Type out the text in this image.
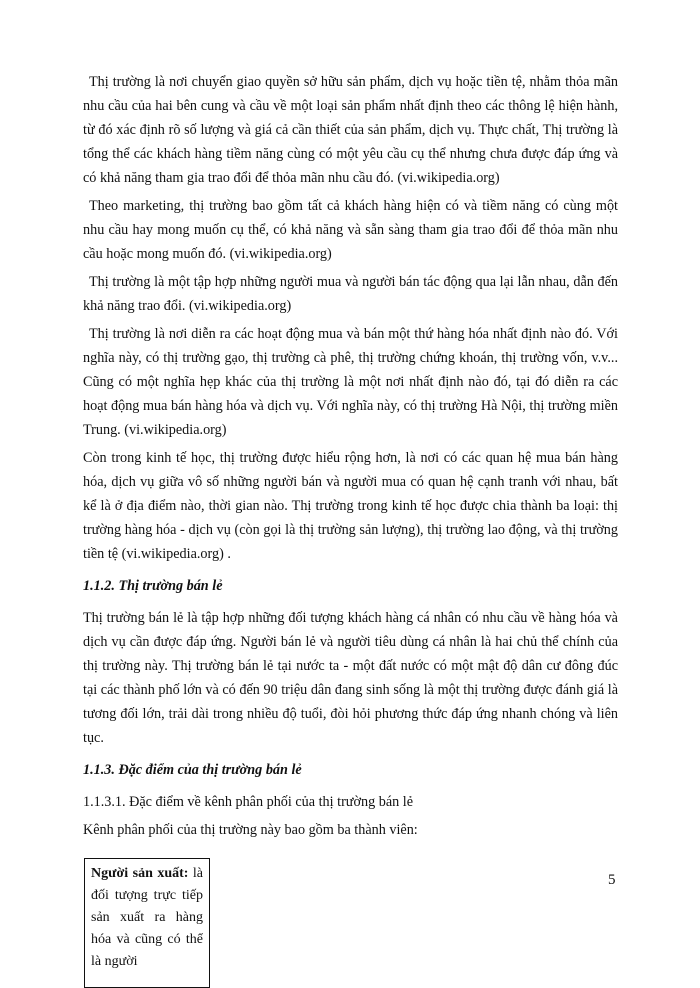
Thị trường là nơi chuyển giao quyền sở hữu sản phẩm, dịch vụ hoặc tiền tệ, nhằm thỏa mãn nhu cầu của hai bên cung và cầu về một loại sản phẩm nhất định theo các thông lệ hiện hành, từ đó xác định rõ số lượng và giá cả cần thiết của sản phẩm, dịch vụ. Thực chất, Thị trường là tổng thể các khách hàng tiềm năng cùng có một yêu cầu cụ thể nhưng chưa được đáp ứng và có khả năng tham gia trao đổi để thỏa mãn nhu cầu đó. (vi.wikipedia.org)

Theo marketing, thị trường bao gồm tất cả khách hàng hiện có và tiềm năng có cùng một nhu cầu hay mong muốn cụ thể, có khả năng và sẵn sàng tham gia trao đổi để thỏa mãn nhu cầu hoặc mong muốn đó. (vi.wikipedia.org)

Thị trường là một tập hợp những người mua và người bán tác động qua lại lẫn nhau, dẫn đến khả năng trao đổi. (vi.wikipedia.org)

Thị trường là nơi diễn ra các hoạt động mua và bán một thứ hàng hóa nhất định nào đó. Với nghĩa này, có thị trường gạo, thị trường cà phê, thị trường chứng khoán, thị trường vốn, v.v... Cũng có một nghĩa hẹp khác của thị trường là một nơi nhất định nào đó, tại đó diễn ra các hoạt động mua bán hàng hóa và dịch vụ. Với nghĩa này, có thị trường Hà Nội, thị trường miền Trung. (vi.wikipedia.org)

Còn trong kinh tế học, thị trường được hiểu rộng hơn, là nơi có các quan hệ mua bán hàng hóa, dịch vụ giữa vô số những người bán và người mua có quan hệ cạnh tranh với nhau, bất kể là ở địa điểm nào, thời gian nào. Thị trường trong kinh tế học được chia thành ba loại: thị trường hàng hóa - dịch vụ (còn gọi là thị trường sản lượng), thị trường lao động, và thị trường tiền tệ (vi.wikipedia.org) .

1.1.2. Thị trường bán lẻ

Thị trường bán lẻ là tập hợp những đối tượng khách hàng cá nhân có nhu cầu về hàng hóa và dịch vụ cần được đáp ứng. Người bán lẻ và người tiêu dùng cá nhân là hai chủ thể chính của thị trường này. Thị trường bán lẻ tại nước ta - một đất nước có một mật độ dân cư đông đúc tại các thành phố lớn và có đến 90 triệu dân đang sinh sống là một thị trường được đánh giá là tương đối lớn, trải dài trong nhiều độ tuổi, đòi hỏi phương thức đáp ứng nhanh chóng và liên tục.

1.1.3. Đặc điểm của thị trường bán lẻ
1.1.3.1. Đặc điểm về kênh phân phối của thị trường bán lẻ

Kênh phân phối của thị trường này bao gồm ba thành viên:

Người sản xuất: là đối tượng trực tiếp sản xuất ra hàng hóa và cũng có thể là người
5
